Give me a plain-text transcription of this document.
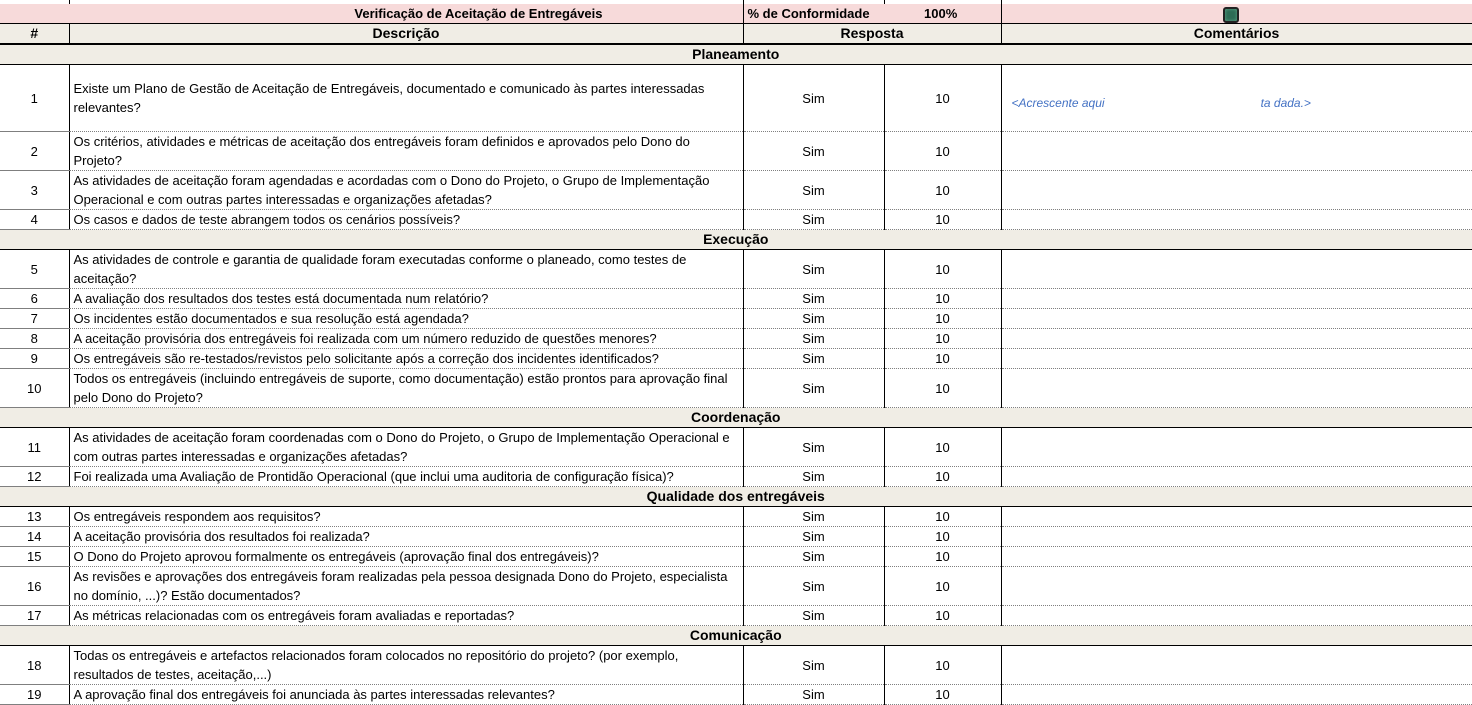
Verificação de Aceitação de Entregáveis		% de Conformidade	100%	
#	Descrição	Resposta		Comentários
Planeamento				
1	Existe um Plano de Gestão de Aceitação de Entregáveis, documentado e comunicado às partes interessadas relevantes?	Sim	10	<Acrescente aqui ta dada.>
2	Os critérios, atividades e métricas de aceitação dos entregáveis foram definidos e aprovados pelo Dono do Projeto?	Sim	10	
3	As atividades de aceitação foram agendadas e acordadas com o Dono do Projeto, o Grupo de Implementação Operacional e com outras partes interessadas e organizações afetadas?	Sim	10	
4	Os casos e dados de teste abrangem todos os cenários possíveis?	Sim	10	
Execução				
5	As atividades de controle e garantia de qualidade foram executadas conforme o planeado, como testes de aceitação?	Sim	10	
6	A avaliação dos resultados dos testes está documentada num relatório?	Sim	10	
7	Os incidentes estão documentados e sua resolução está agendada?	Sim	10	
8	A aceitação provisória dos entregáveis foi realizada com um número reduzido de questões menores?	Sim	10	
9	Os entregáveis são re-testados/revistos pelo solicitante após a correção dos incidentes identificados?	Sim	10	
10	Todos os entregáveis (incluindo entregáveis de suporte, como documentação) estão prontos para aprovação final pelo Dono do Projeto?	Sim	10	
Coordenação				
11	As atividades de aceitação foram coordenadas com o Dono do Projeto, o Grupo de Implementação Operacional e com outras partes interessadas e organizações afetadas?	Sim	10	
12	Foi realizada uma Avaliação de Prontidão Operacional (que inclui uma auditoria de configuração física)?	Sim	10	
Qualidade dos entregáveis				
13	Os entregáveis respondem aos requisitos?	Sim	10	
14	A aceitação provisória dos resultados foi realizada?	Sim	10	
15	O Dono do Projeto aprovou formalmente os entregáveis (aprovação final dos entregáveis)?	Sim	10	
16	As revisões e aprovações dos entregáveis foram realizadas pela pessoa designada Dono do Projeto, especialista no domínio, ...)? Estão documentados?	Sim	10	
17	As métricas relacionadas com os entregáveis foram avaliadas e reportadas?	Sim	10	
Comunicação				
18	Todas os entregáveis e artefactos relacionados foram colocados no repositório do projeto? (por exemplo, resultados de testes, aceitação,...)	Sim	10	
19	A aprovação final dos entregáveis foi anunciada às partes interessadas relevantes?	Sim	10	
